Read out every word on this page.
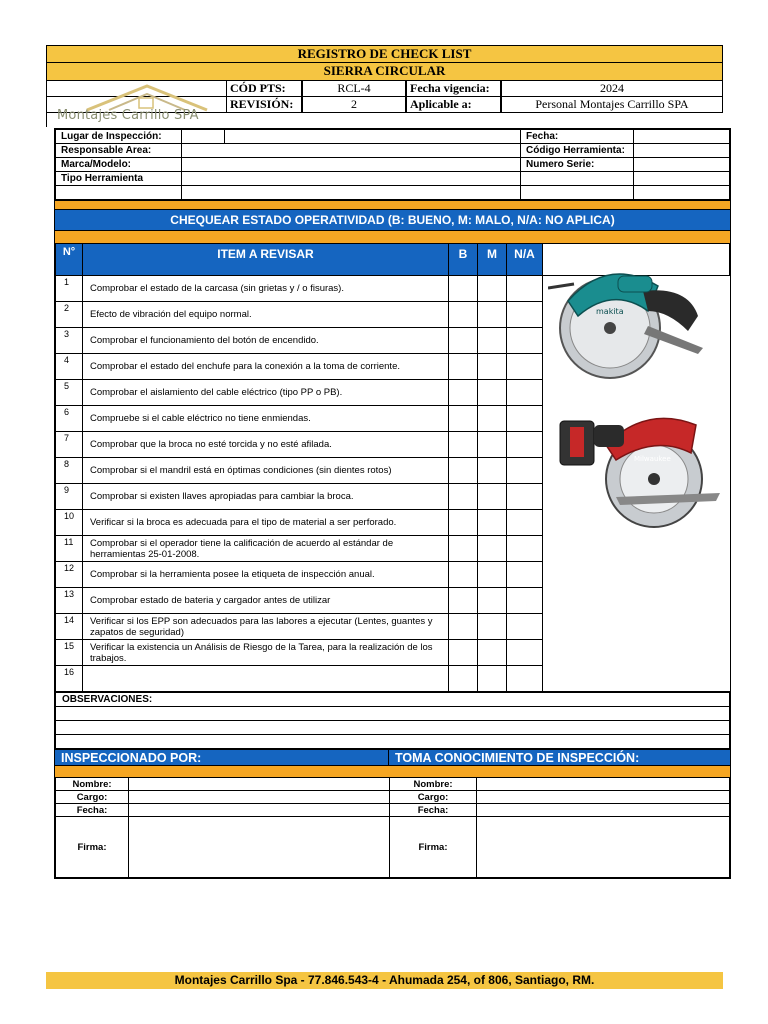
REGISTRO DE CHECK LIST
SIERRA CIRCULAR
CÓD PTS:	RCL-4	Fecha vigencia:	2024
REVISIÓN:	2	Aplicable a:	Personal Montajes Carrillo SPA
Montajes Carrillo SPA
Lugar de Inspección:			Fecha:	
Responsable Area:			Código Herramienta:	
Marca/Modelo:			Numero Serie:	
Tipo Herramienta				

CHEQUEAR ESTADO OPERATIVIDAD (B: BUENO, M: MALO, N/A: NO APLICA)
N°	ITEM A REVISAR	B	M	N/A	
1	Comprobar el estado de la carcasa (sin grietas y / o fisuras).				
2	Efecto de vibración del equipo normal.				
3	Comprobar el funcionamiento del botón de encendido.				
4	Comprobar el estado del enchufe para la conexión a la toma de corriente.				
5	Comprobar el aislamiento del cable eléctrico (tipo PP o PB).				
6	Compruebe si el cable eléctrico no tiene enmiendas.				
7	Comprobar que la broca no esté torcida y no esté afilada.				
8	Comprobar si el mandril está en óptimas condiciones (sin dientes rotos)				
9	Comprobar si existen llaves apropiadas para cambiar la broca.				
10	Verificar si la broca es adecuada para el tipo de material a ser perforado.				
11	Comprobar si el operador tiene la calificación de acuerdo al estándar de herramientas 25-01-2008.				
12	Comprobar si la herramienta posee la etiqueta de inspección anual.				
13	Comprobar estado de bateria y cargador antes de utilizar				
14	Verificar si los EPP son adecuados para las labores a ejecutar (Lentes, guantes y zapatos de seguridad)				
15	Verificar la existencia un Análisis de Riesgo de la Tarea, para la realización de los trabajos.				
16					
OBSERVACIONES:

INSPECCIONADO POR:	TOMA CONOCIMIENTO DE INSPECCIÓN:
Nombre:		Nombre:	
Cargo:		Cargo:	
Fecha:		Fecha:	
Firma:		Firma:	
makita
Milwaukee
Montajes Carrillo Spa - 77.846.543-4 - Ahumada 254, of 806, Santiago, RM.
